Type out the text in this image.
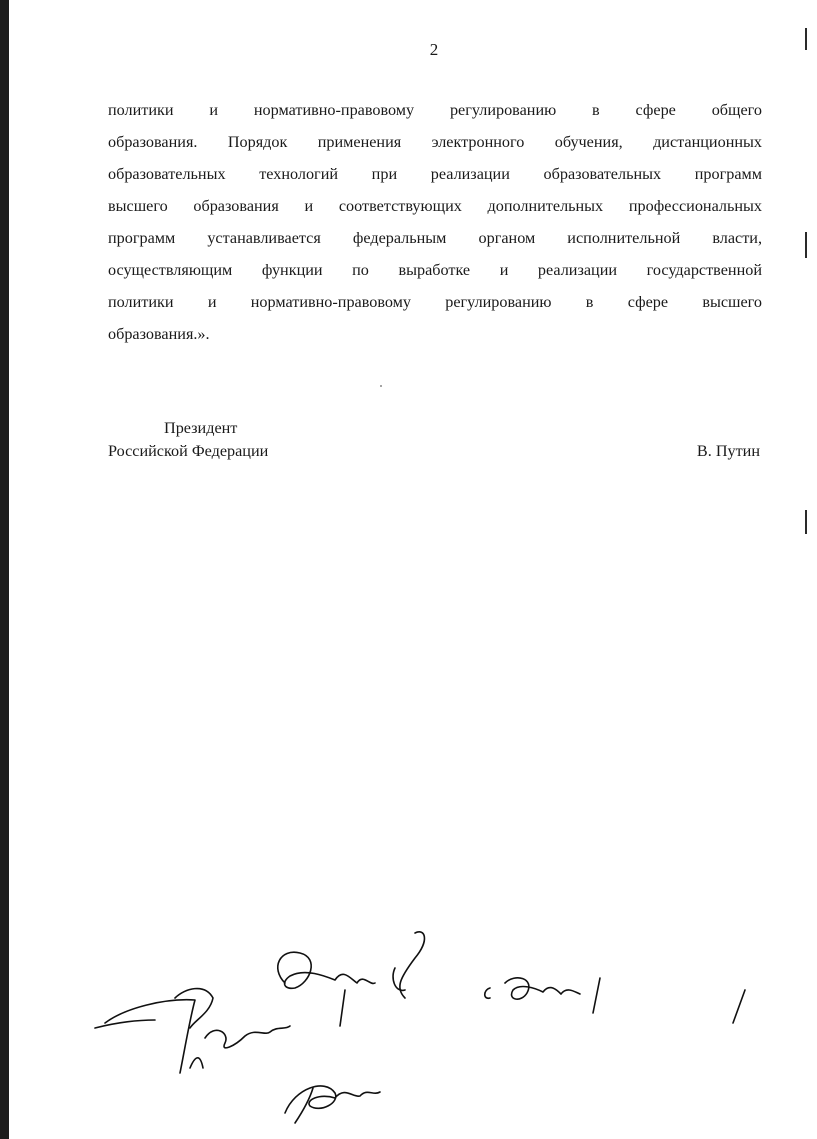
2
политики и нормативно-правовому регулированию в сфере общего
образования. Порядок применения электронного обучения, дистанционных
образовательных технологий при реализации образовательных программ
высшего образования и соответствующих дополнительных профессиональных
программ устанавливается федеральным органом исполнительной власти,
осуществляющим функции по выработке и реализации государственной
политики и нормативно-правовому регулированию в сфере высшего
образования.».
Президент
Российской Федерации	В. Путин
